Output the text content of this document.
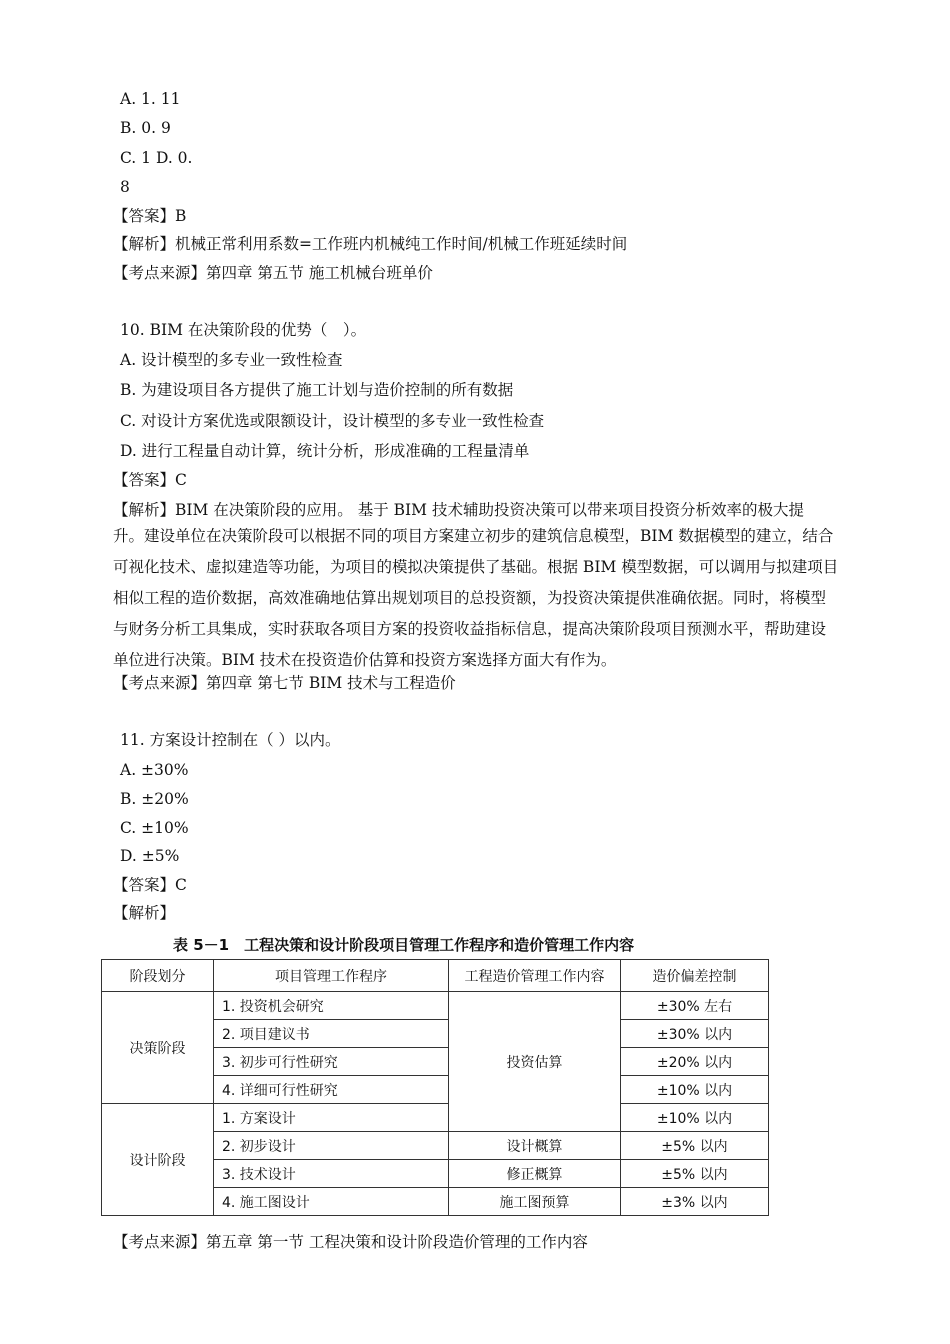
A. 1. 11
B. 0. 9
C. 1 D. 0.
8
【答案】B
【解析】机械正常利用系数=工作班内机械纯工作时间/机械工作班延续时间
【考点来源】第四章 第五节 施工机械台班单价
10. BIM 在决策阶段的优势（　）。
A. 设计模型的多专业一致性检查
B. 为建设项目各方提供了施工计划与造价控制的所有数据
C. 对设计方案优选或限额设计，设计模型的多专业一致性检查
D. 进行工程量自动计算，统计分析，形成准确的工程量清单
【答案】C
【解析】BIM 在决策阶段的应用。 基于 BIM 技术辅助投资决策可以带来项目投资分析效率的极大提
升。建设单位在决策阶段可以根据不同的项目方案建立初步的建筑信息模型，BIM 数据模型的建立，结合
可视化技术、虚拟建造等功能，为项目的模拟决策提供了基础。根据 BIM 模型数据，可以调用与拟建项目
相似工程的造价数据，高效准确地估算出规划项目的总投资额，为投资决策提供准确依据。同时，将模型
与财务分析工具集成，实时获取各项目方案的投资收益指标信息，提高决策阶段项目预测水平，帮助建设
单位进行决策。BIM 技术在投资造价估算和投资方案选择方面大有作为。
【考点来源】第四章 第七节 BIM 技术与工程造价
11. 方案设计控制在（ ）以内。
A. ±30%
B. ±20%
C. ±10%
D. ±5%
【答案】C
【解析】
表 5－1　工程决策和设计阶段项目管理工作程序和造价管理工作内容
阶段划分	项目管理工作程序	工程造价管理工作内容	造价偏差控制
决策阶段	1. 投资机会研究	投资估算	±30% 左右
	2. 项目建议书		±30% 以内
	3. 初步可行性研究		±20% 以内
	4. 详细可行性研究		±10% 以内
设计阶段	1. 方案设计		±10% 以内
	2. 初步设计	设计概算	±5% 以内
	3. 技术设计	修正概算	±5% 以内
	4. 施工图设计	施工图预算	±3% 以内
【考点来源】第五章 第一节 工程决策和设计阶段造价管理的工作内容
